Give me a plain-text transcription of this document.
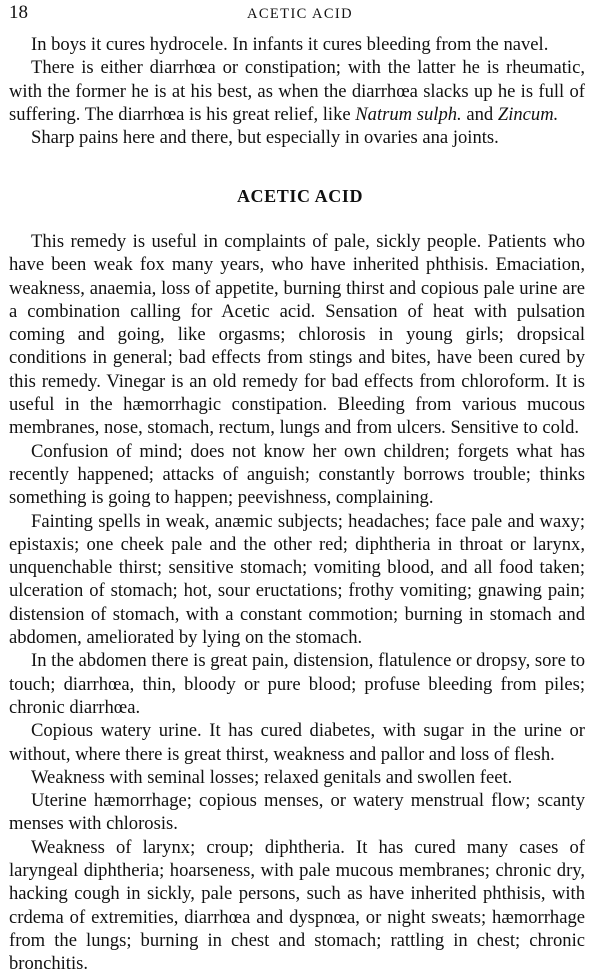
18	ACETIC ACID

In boys it cures hydrocele. In infants it cures bleeding from the navel.

There is either diarrhœa or constipation; with the latter he is rheumatic, with the former he is at his best, as when the diarrhœa slacks up he is full of suffering. The diarrhœa is his great relief, like Natrum sulph. and Zincum.

Sharp pains here and there, but especially in ovaries ana joints.

ACETIC ACID

This remedy is useful in complaints of pale, sickly people. Patients who have been weak fox many years, who have inherited phthisis. Emaciation, weakness, anaemia, loss of appetite, burning thirst and copious pale urine are a combination calling for Acetic acid. Sensation of heat with pulsation coming and going, like orgasms; chlorosis in young girls; dropsical conditions in general; bad effects from stings and bites, have been cured by this remedy. Vinegar is an old remedy for bad effects from chloroform. It is useful in the hæmorrhagic constipation. Bleeding from various mucous membranes, nose, stomach, rectum, lungs and from ulcers. Sensitive to cold.

Confusion of mind; does not know her own children; forgets what has recently happened; attacks of anguish; constantly borrows trouble; thinks something is going to happen; peevishness, complaining.

Fainting spells in weak, anæmic subjects; headaches; face pale and waxy; epistaxis; one cheek pale and the other red; diphtheria in throat or larynx, unquenchable thirst; sensitive stomach; vomiting blood, and all food taken; ulceration of stomach; hot, sour eructations; frothy vomiting; gnawing pain; distension of stomach, with a constant commotion; burning in stomach and abdomen, ameliorated by lying on the stomach.

In the abdomen there is great pain, distension, flatulence or dropsy, sore to touch; diarrhœa, thin, bloody or pure blood; profuse bleeding from piles; chronic diarrhœa.

Copious watery urine. It has cured diabetes, with sugar in the urine or without, where there is great thirst, weakness and pallor and loss of flesh.

Weakness with seminal losses; relaxed genitals and swollen feet.

Uterine hæmorrhage; copious menses, or watery menstrual flow; scanty menses with chlorosis.

Weakness of larynx; croup; diphtheria. It has cured many cases of laryngeal diphtheria; hoarseness, with pale mucous membranes; chronic dry, hacking cough in sickly, pale persons, such as have inherited phthisis, with crdema of extremities, diarrhœa and dyspnœa, or night sweats; hæmorrhage from the lungs; burning in chest and stomach; rattling in chest; chronic bronchitis.
